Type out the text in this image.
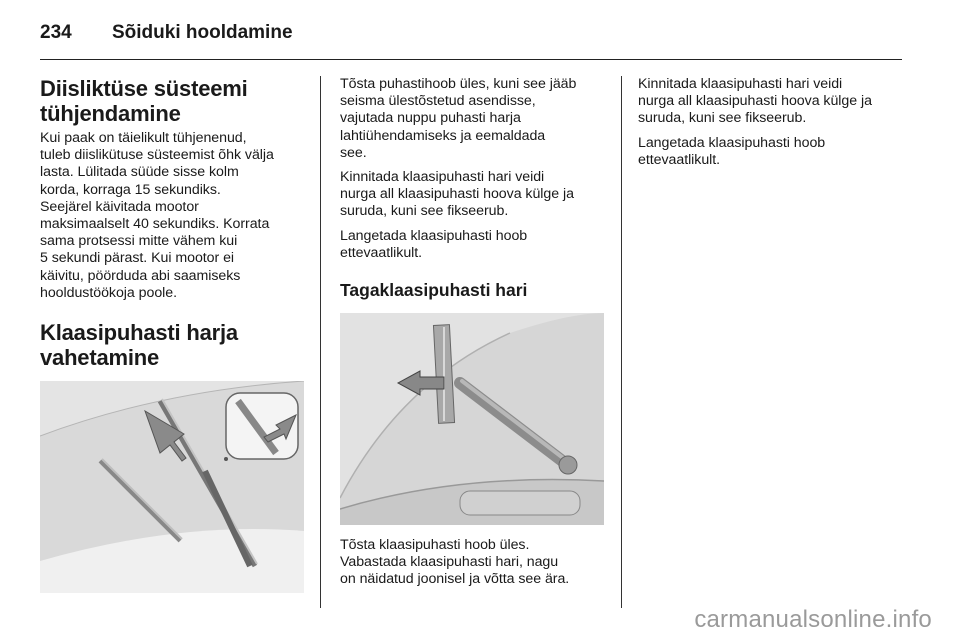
234	Sõiduki hooldamine
Diisliktüse süsteemi
tühjendamine

Kui paak on täielikult tühjenenud,
tuleb diislikütuse süsteemist õhk välja
lasta. Lülitada süüde sisse kolm
korda, korraga 15 sekundiks.
Seejärel käivitada mootor
maksimaalselt 40 sekundiks. Korrata
sama protsessi mitte vähem kui
5 sekundi pärast. Kui mootor ei
käivitu, pöörduda abi saamiseks
hooldustöökoja poole.

Klaasipuhasti harja
vahetamine

Tõsta puhastihoob üles, kuni see jääb
seisma ülestõstetud asendisse,
vajutada nuppu puhasti harja
lahtiühendamiseks ja eemaldada
see.

Kinnitada klaasipuhasti hari veidi
nurga all klaasipuhasti hoova külge ja
suruda, kuni see fikseerub.

Langetada klaasipuhasti hoob
ettevaatlikult.

Tagaklaasipuhasti hari

Tõsta klaasipuhasti hoob üles.
Vabastada klaasipuhasti hari, nagu
on näidatud joonisel ja võtta see ära.

Kinnitada klaasipuhasti hari veidi
nurga all klaasipuhasti hoova külge ja
suruda, kuni see fikseerub.

Langetada klaasipuhasti hoob
ettevaatlikult.

carmanualsonline.info
